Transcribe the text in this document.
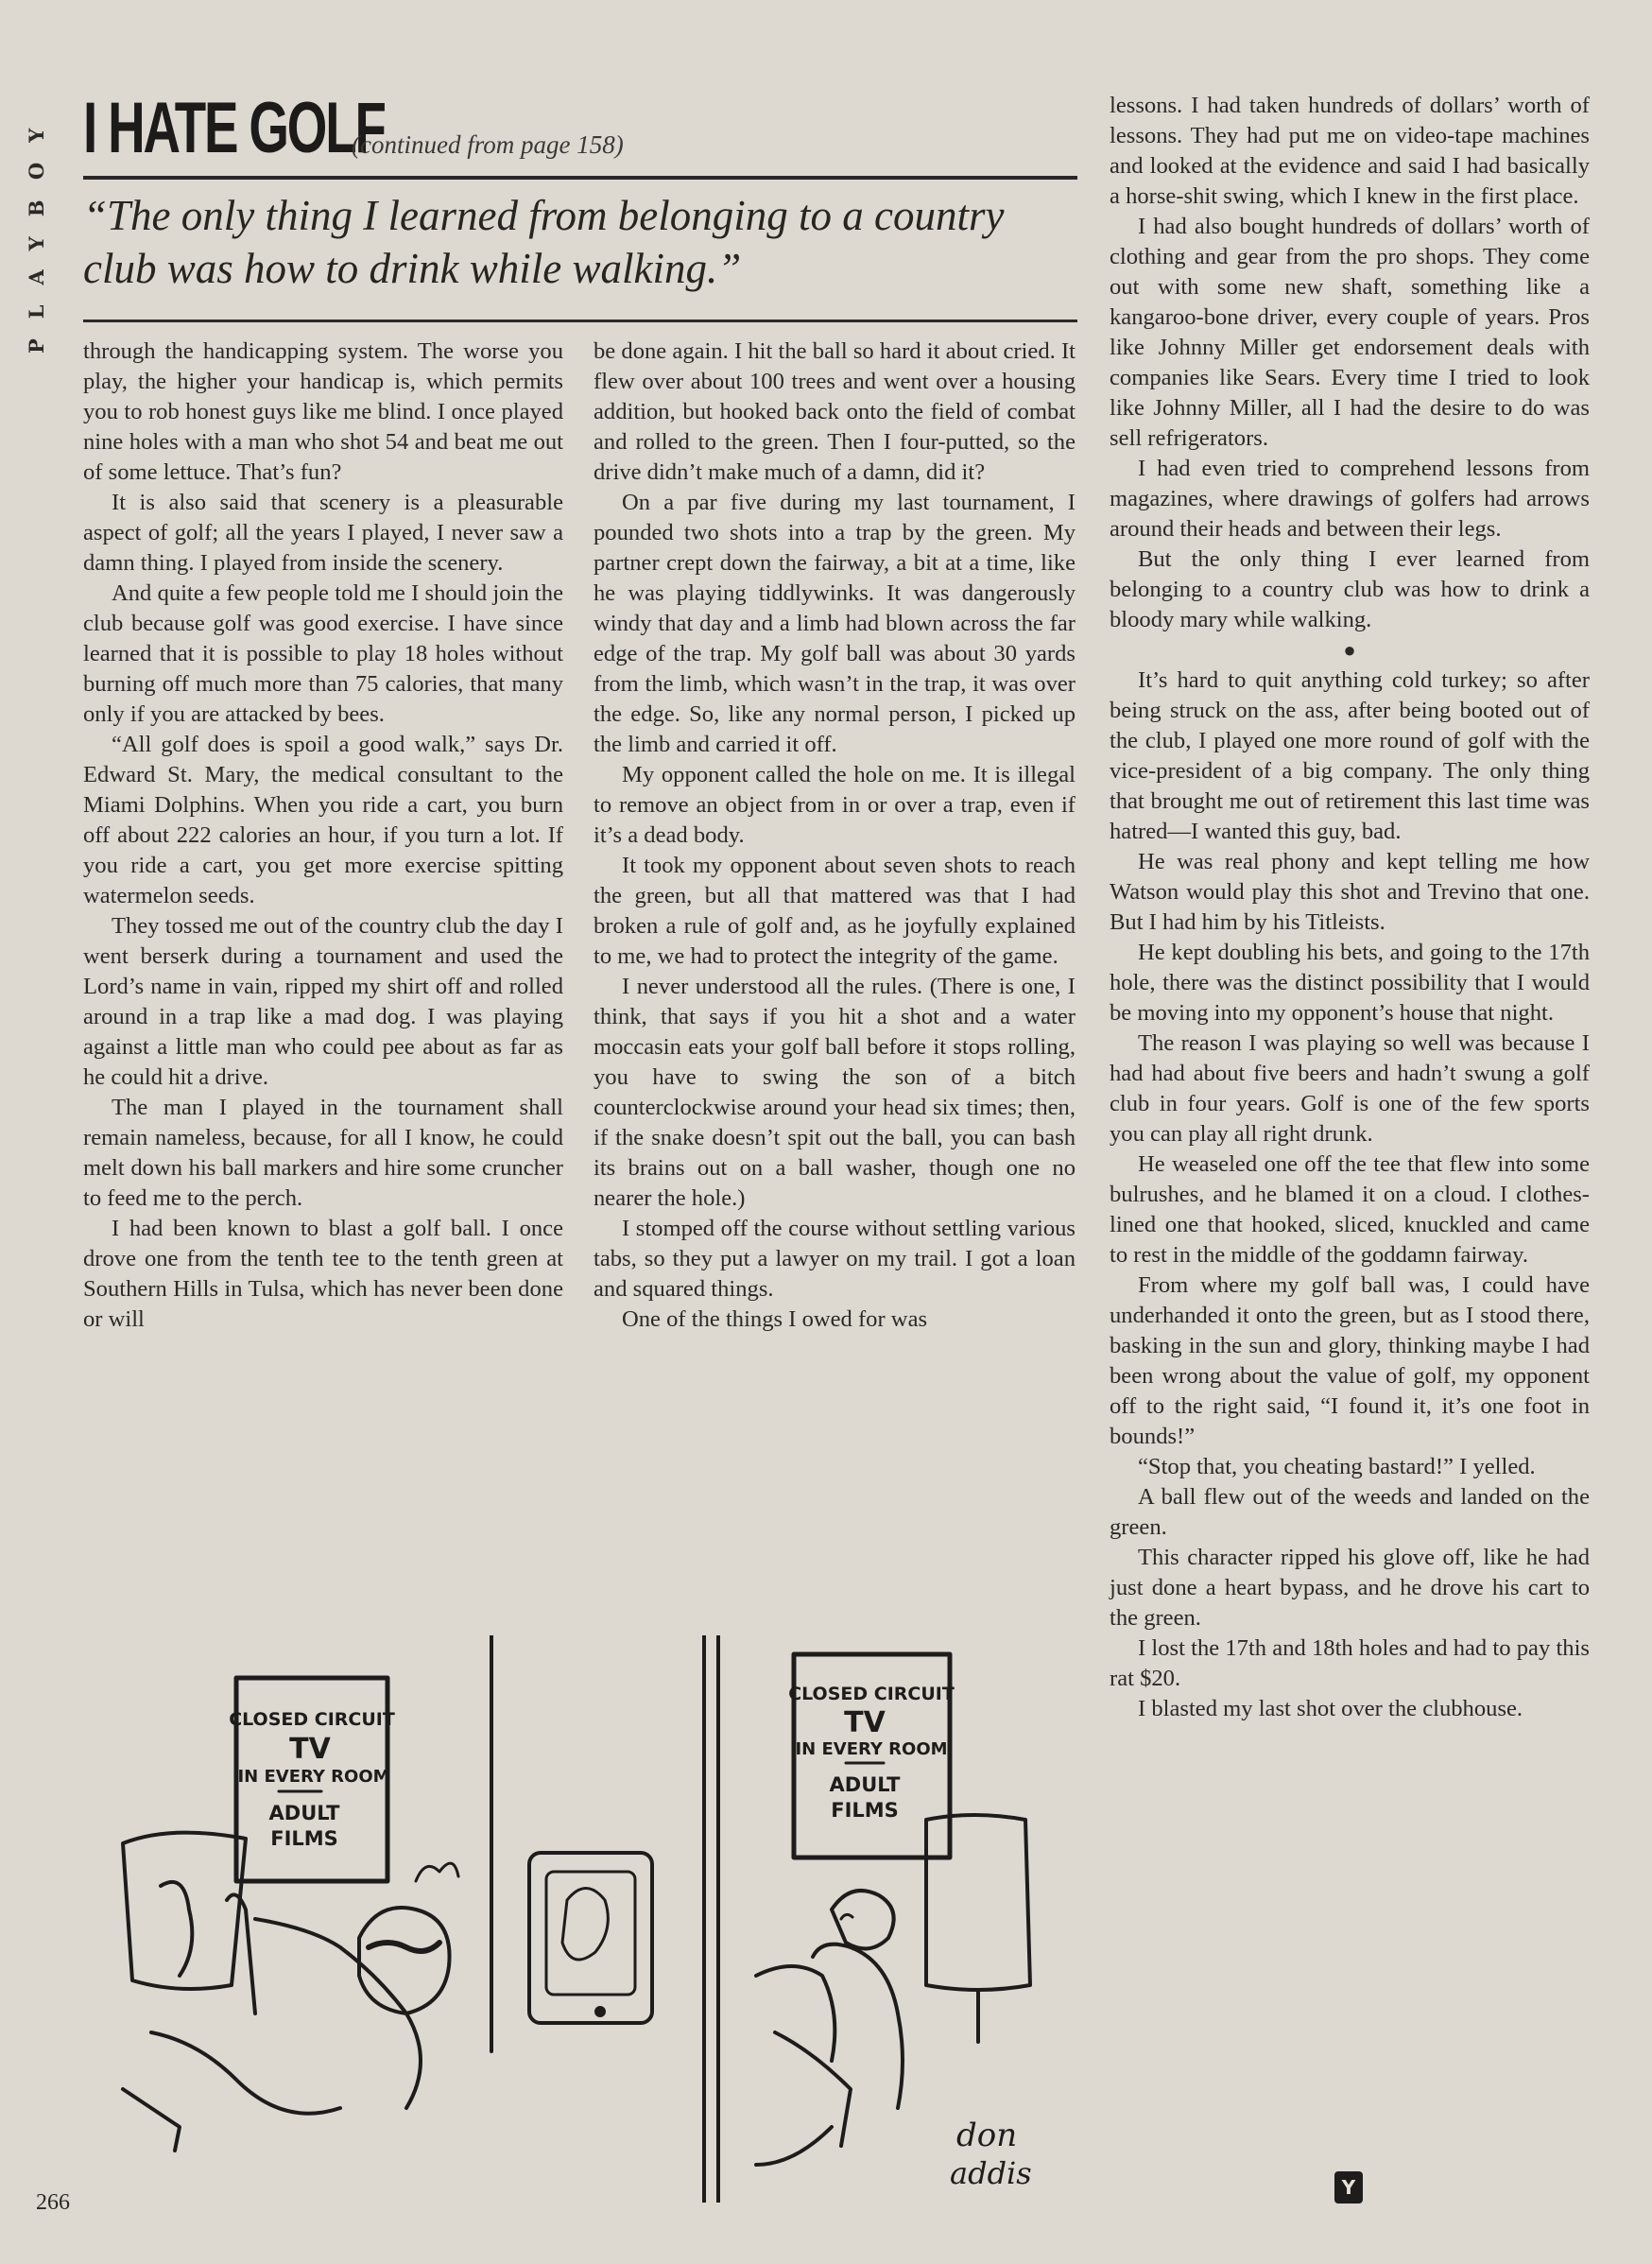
PLAYBOY I HATE GOLF
(continued from page 158)
“The only thing I learned from belonging to a country club was how to drink while walking.”

through the handicapping system. The worse you play, the higher your handicap is, which permits you to rob honest guys like me blind. I once played nine holes with a man who shot 54 and beat me out of some lettuce. That’s fun?

It is also said that scenery is a pleasurable aspect of golf; all the years I played, I never saw a damn thing. I played from inside the scenery.

And quite a few people told me I should join the club because golf was good exercise. I have since learned that it is possible to play 18 holes without burning off much more than 75 calories, that many only if you are attacked by bees.

“All golf does is spoil a good walk,” says Dr. Edward St. Mary, the medical consultant to the Miami Dolphins. When you ride a cart, you burn off about 222 calories an hour, if you turn a lot. If you ride a cart, you get more exercise spitting watermelon seeds.

They tossed me out of the country club the day I went berserk during a tournament and used the Lord’s name in vain, ripped my shirt off and rolled around in a trap like a mad dog. I was playing against a little man who could pee about as far as he could hit a drive.

The man I played in the tournament shall remain nameless, because, for all I know, he could melt down his ball markers and hire some cruncher to feed me to the perch.

I had been known to blast a golf ball. I once drove one from the tenth tee to the tenth green at Southern Hills in Tulsa, which has never been done or will

be done again. I hit the ball so hard it about cried. It flew over about 100 trees and went over a housing addition, but hooked back onto the field of combat and rolled to the green. Then I four-putted, so the drive didn’t make much of a damn, did it?

On a par five during my last tournament, I pounded two shots into a trap by the green. My partner crept down the fairway, a bit at a time, like he was playing tiddlywinks. It was dangerously windy that day and a limb had blown across the far edge of the trap. My golf ball was about 30 yards from the limb, which wasn’t in the trap, it was over the edge. So, like any normal person, I picked up the limb and carried it off.

My opponent called the hole on me. It is illegal to remove an object from in or over a trap, even if it’s a dead body.

It took my opponent about seven shots to reach the green, but all that mattered was that I had broken a rule of golf and, as he joyfully explained to me, we had to protect the integrity of the game.

I never understood all the rules. (There is one, I think, that says if you hit a shot and a water moccasin eats your golf ball before it stops rolling, you have to swing the son of a bitch counterclockwise around your head six times; then, if the snake doesn’t spit out the ball, you can bash its brains out on a ball washer, though one no nearer the hole.)

I stomped off the course without settling various tabs, so they put a lawyer on my trail. I got a loan and squared things.

One of the things I owed for was

lessons. I had taken hundreds of dollars’ worth of lessons. They had put me on video-tape machines and looked at the evidence and said I had basically a horse-shit swing, which I knew in the first place.

I had also bought hundreds of dollars’ worth of clothing and gear from the pro shops. They come out with some new shaft, something like a kangaroo-bone driver, every couple of years. Pros like Johnny Miller get endorsement deals with companies like Sears. Every time I tried to look like Johnny Miller, all I had the desire to do was sell refrigerators.

I had even tried to comprehend lessons from magazines, where drawings of golfers had arrows around their heads and between their legs.

But the only thing I ever learned from belonging to a country club was how to drink a bloody mary while walking.

●

It’s hard to quit anything cold turkey; so after being struck on the ass, after being booted out of the club, I played one more round of golf with the vice-president of a big company. The only thing that brought me out of retirement this last time was hatred—I wanted this guy, bad.

He was real phony and kept telling me how Watson would play this shot and Trevino that one. But I had him by his Titleists.

He kept doubling his bets, and going to the 17th hole, there was the distinct possibility that I would be moving into my opponent’s house that night.

The reason I was playing so well was because I had had about five beers and hadn’t swung a golf club in four years. Golf is one of the few sports you can play all right drunk.

He weaseled one off the tee that flew into some bulrushes, and he blamed it on a cloud. I clothes-lined one that hooked, sliced, knuckled and came to rest in the middle of the goddamn fairway.

From where my golf ball was, I could have underhanded it onto the green, but as I stood there, basking in the sun and glory, thinking maybe I had been wrong about the value of golf, my opponent off to the right said, “I found it, it’s one foot in bounds!”

“Stop that, you cheating bastard!” I yelled.

A ball flew out of the weeds and landed on the green.

This character ripped his glove off, like he had just done a heart bypass, and he drove his cart to the green.

I lost the 17th and 18th holes and had to pay this rat $20.

I blasted my last shot over the clubhouse.

CLOSED CIRCUIT
TV
IN EVERY ROOM
ADULT
FILMS
CLOSED CIRCUIT
TV
IN EVERY ROOM
ADULT
FILMS
don
addis
266
Y
